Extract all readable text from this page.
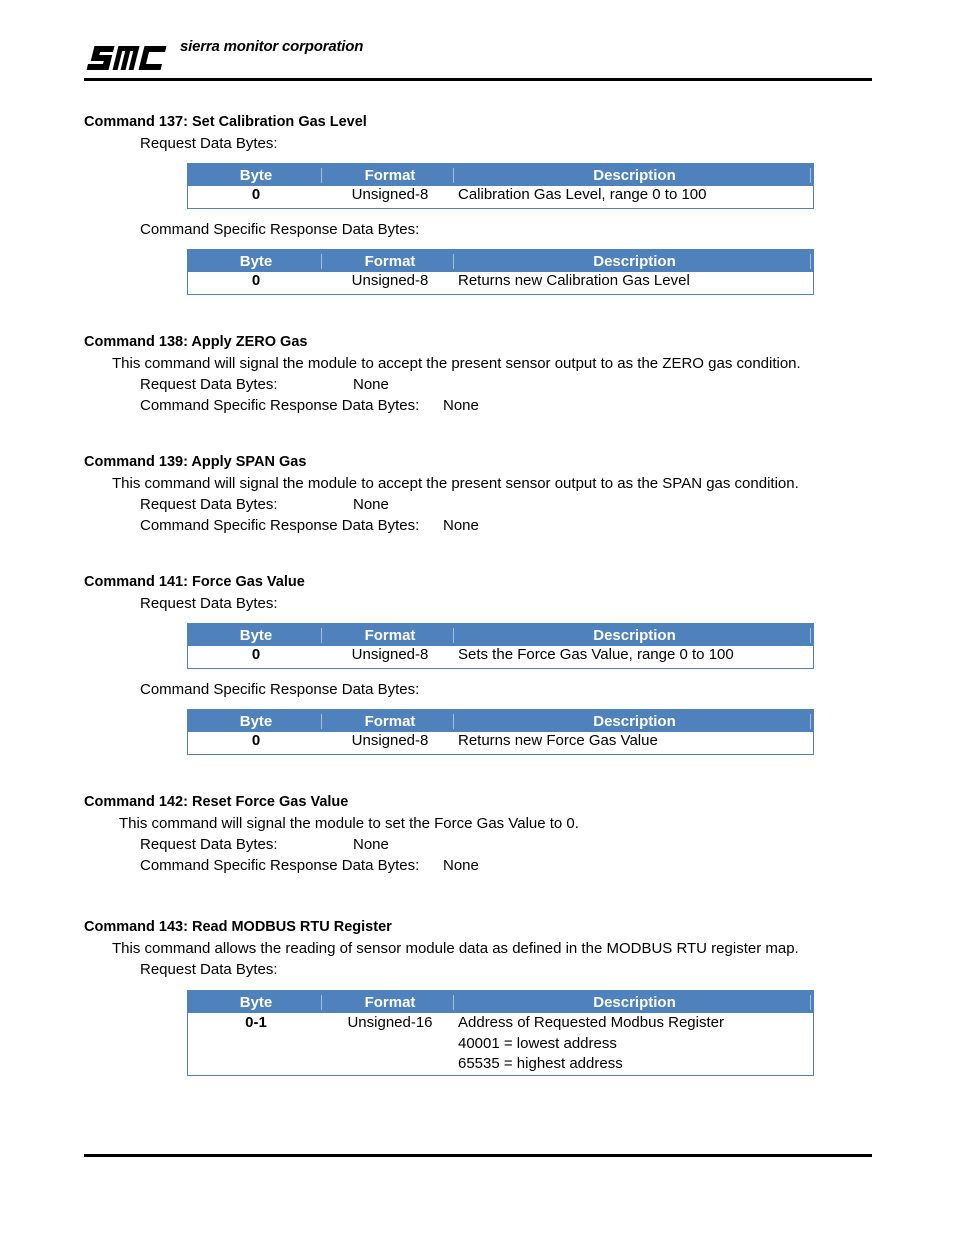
sierra monitor corporation
Command 137: Set Calibration Gas Level
Request Data Bytes:
Byte	Format	Description
0	Unsigned-8	Calibration Gas Level, range 0 to 100
Command Specific Response Data Bytes:
Byte	Format	Description
0	Unsigned-8	Returns new Calibration Gas Level
Command 138: Apply ZERO Gas
This command will signal the module to accept the present sensor output to as the ZERO gas condition.
Request Data Bytes:	None
Command Specific Response Data Bytes: None
Command 139: Apply SPAN Gas
This command will signal the module to accept the present sensor output to as the SPAN gas condition.
Request Data Bytes:	None
Command Specific Response Data Bytes: None
Command 141: Force Gas Value
Request Data Bytes:
Byte	Format	Description
0	Unsigned-8	Sets the Force Gas Value, range 0 to 100
Command Specific Response Data Bytes:
Byte	Format	Description
0	Unsigned-8	Returns new Force Gas Value
Command 142: Reset Force Gas Value
This command will signal the module to set the Force Gas Value to 0.
Request Data Bytes:	None
Command Specific Response Data Bytes: None
Command 143: Read MODBUS RTU Register
This command allows the reading of sensor module data as defined in the MODBUS RTU register map.
Request Data Bytes:
Byte	Format	Description
0-1	Unsigned-16	Address of Requested Modbus Register
40001 = lowest address
65535 = highest address
